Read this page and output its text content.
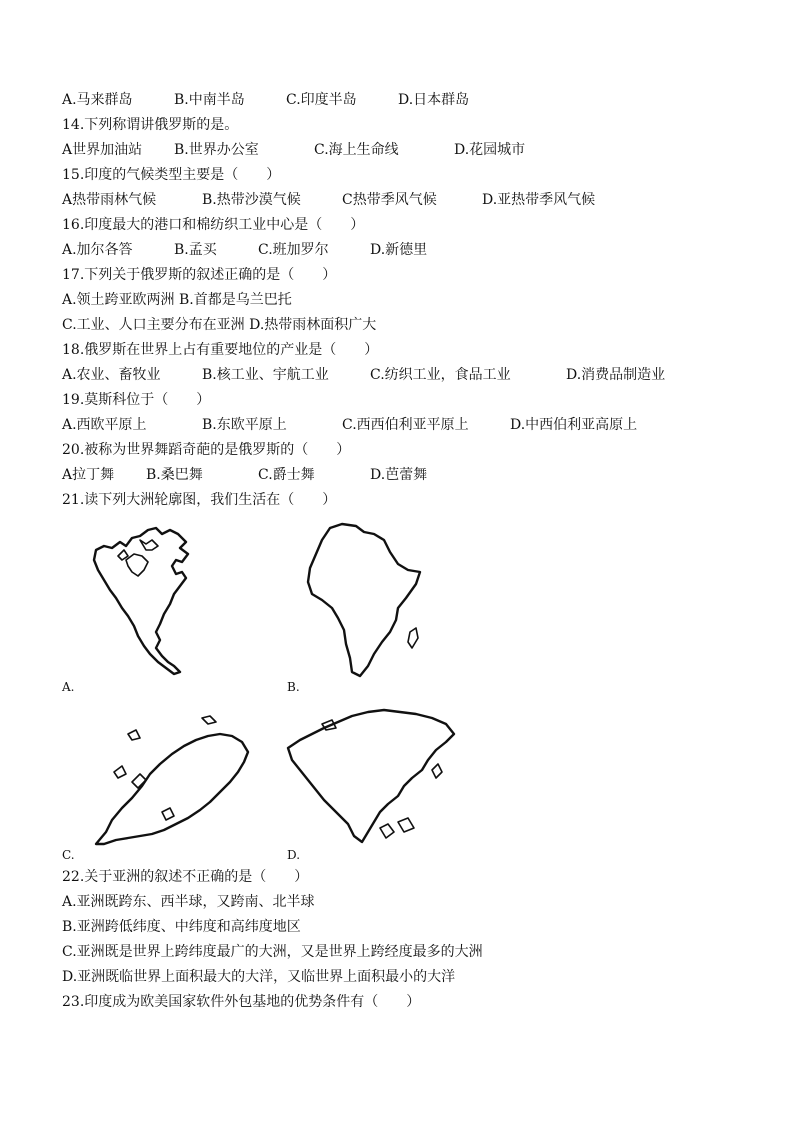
A.马来群岛	B.中南半岛	C.印度半岛	D.日本群岛
14.下列称谓讲俄罗斯的是。
A世界加油站 B.世界办公室	C.海上生命线	D.花园城市
15.印度的气候类型主要是（　　）
A热带雨林气候	B.热带沙漠气候	C热带季风气候	D.亚热带季风气候
16.印度最大的港口和棉纺织工业中心是（　　）
A.加尔各答	B.孟买	C.班加罗尔	D.新德里
17.下列关于俄罗斯的叙述正确的是（　　）
A.领土跨亚欧两洲 B.首都是乌兰巴托
C.工业、人口主要分布在亚洲 D.热带雨林面积广大
18.俄罗斯在世界上占有重要地位的产业是（　　）
A.农业、畜牧业	B.核工业、宇航工业	C.纺织工业，食品工业	D.消费品制造业
19.莫斯科位于（　　）
A.西欧平原上	B.东欧平原上	C.西西伯利亚平原上	D.中西伯利亚高原上
20.被称为世界舞蹈奇葩的是俄罗斯的（　　）
A拉丁舞 B.桑巴舞	C.爵士舞	D.芭蕾舞
21.读下列大洲轮廓图，我们生活在（　　）
A.	B.
C.	D.
22.关于亚洲的叙述不正确的是（　　）
A.亚洲既跨东、西半球，又跨南、北半球
B.亚洲跨低纬度、中纬度和高纬度地区
C.亚洲既是世界上跨纬度最广的大洲，又是世界上跨经度最多的大洲
D.亚洲既临世界上面积最大的大洋，又临世界上面积最小的大洋
23.印度成为欧美国家软件外包基地的优势条件有（　　）
